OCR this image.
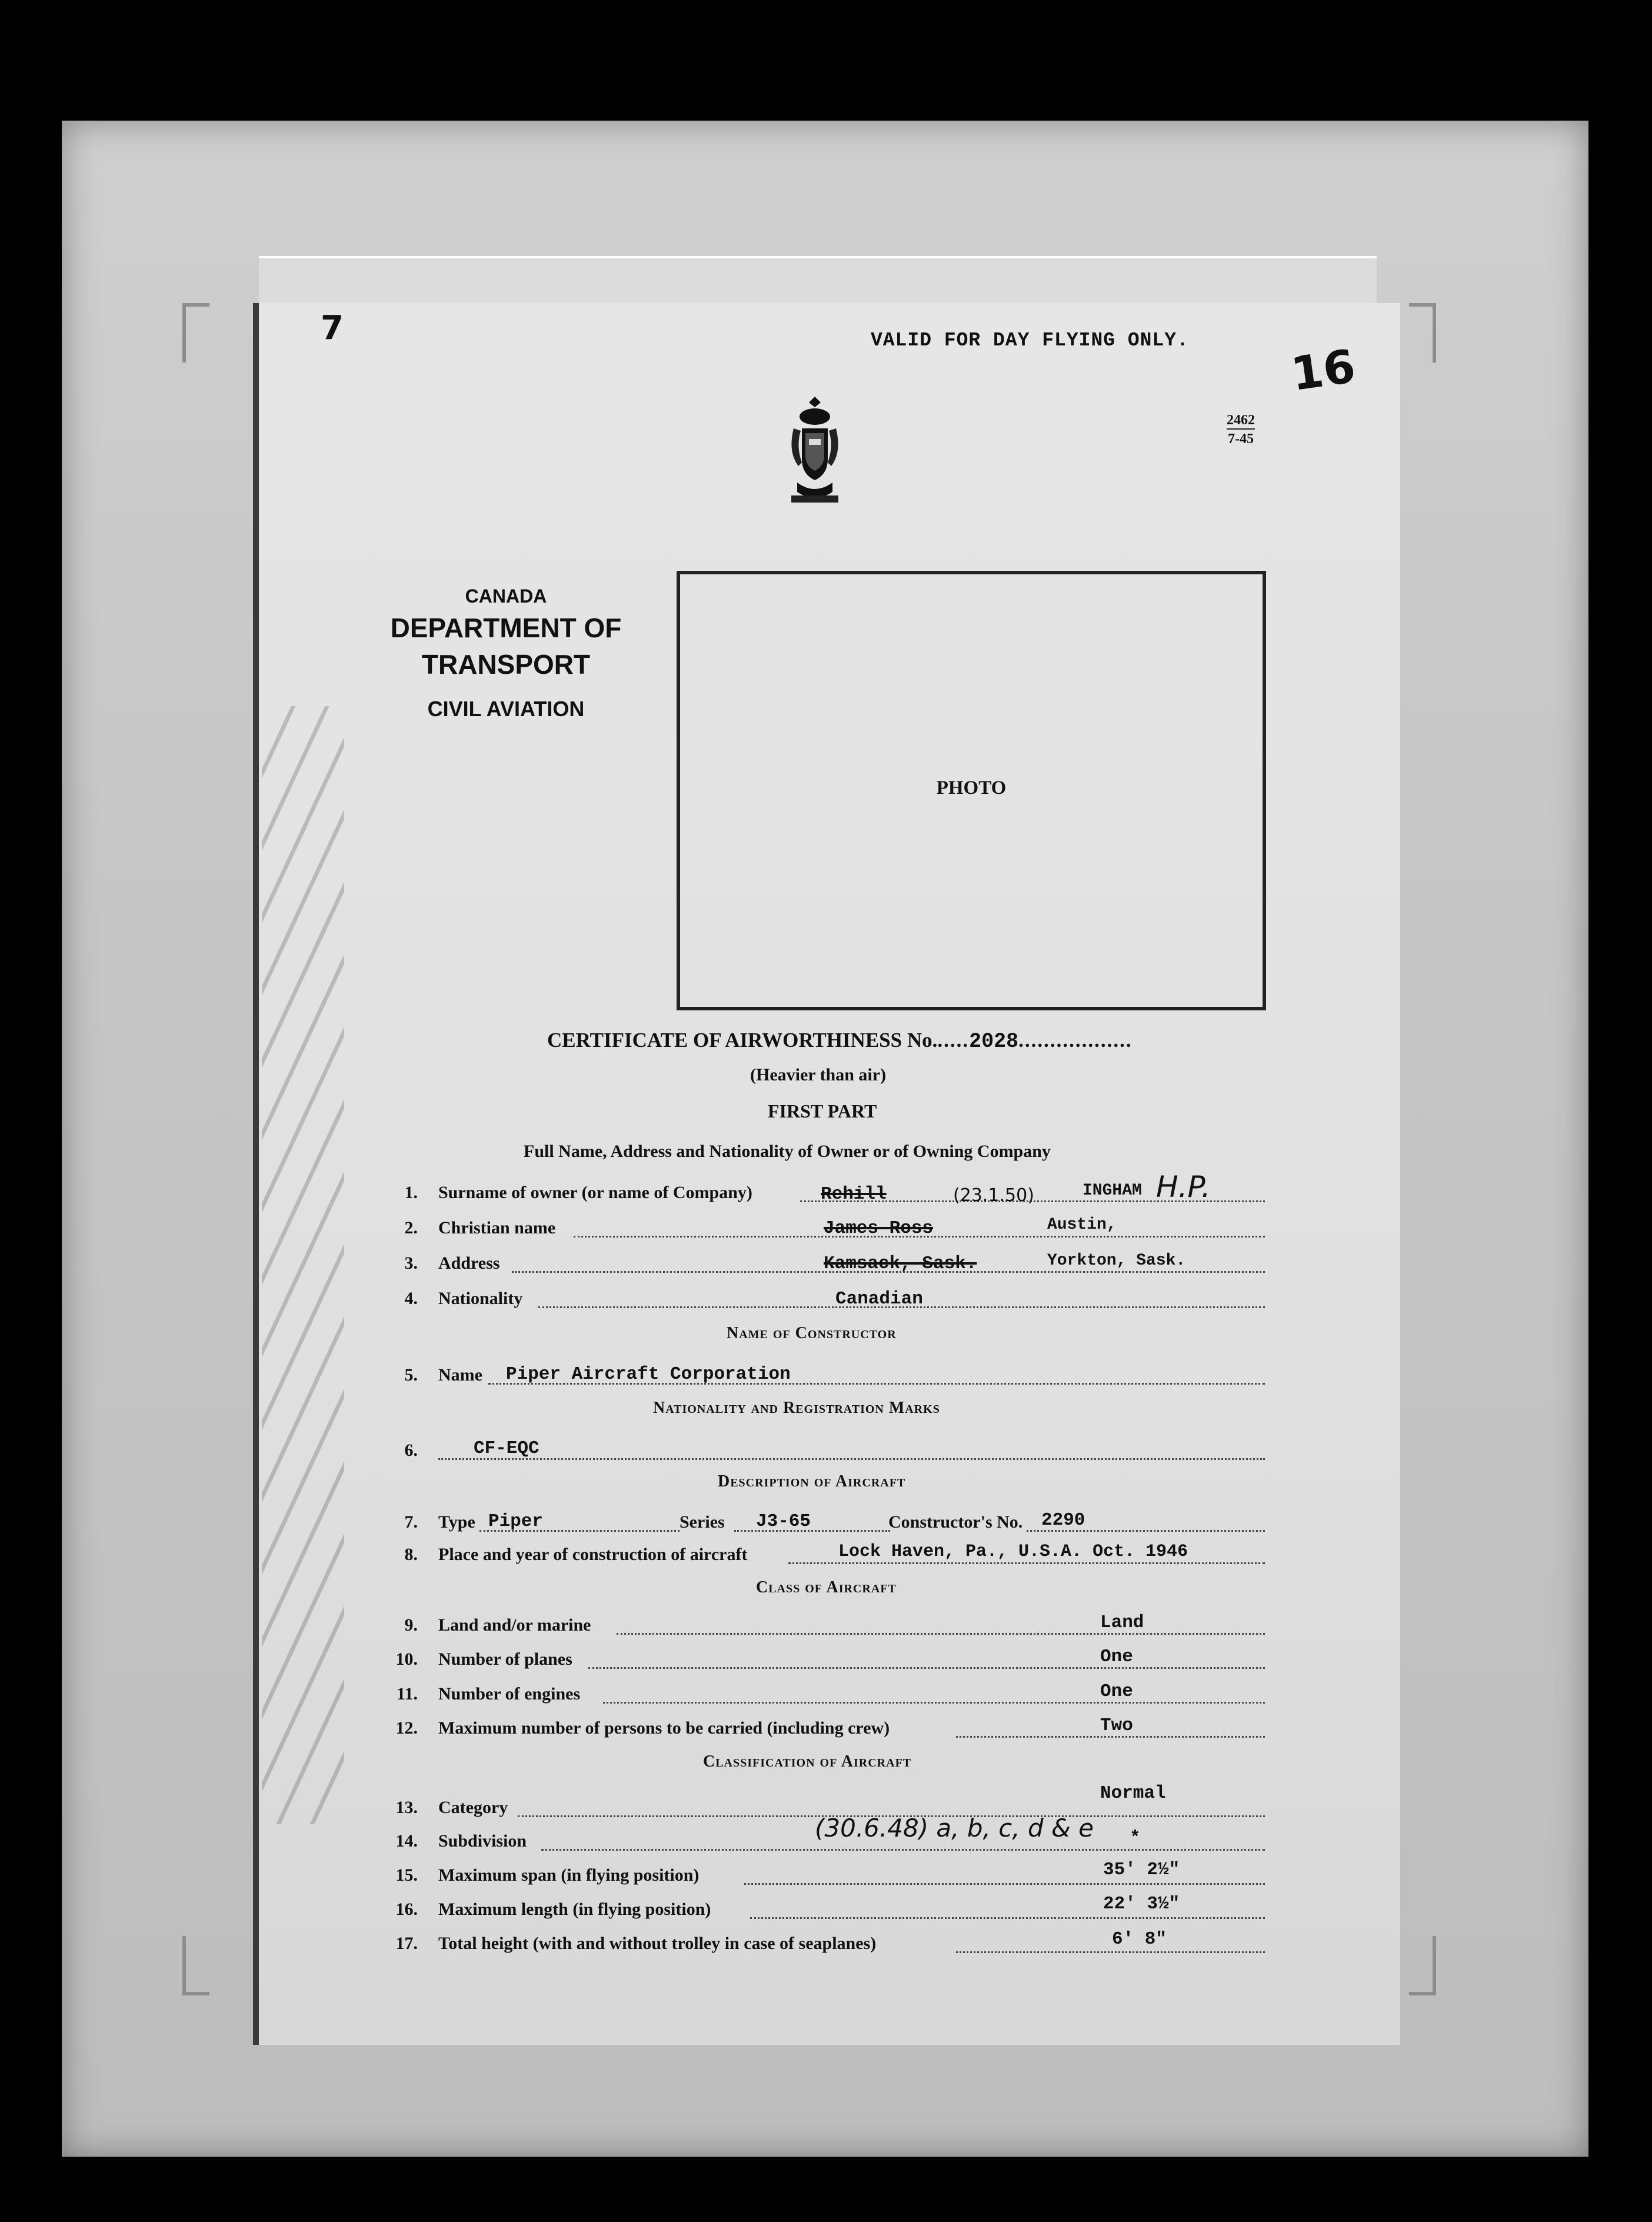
VALID FOR DAY FLYING ONLY. 16
7
2462
7-45
CANADA
DEPARTMENT OF
TRANSPORT
CIVIL AVIATION
PHOTO
CERTIFICATE OF AIRWORTHINESS No......2028..................
(Heavier than air)
FIRST PART
Full Name, Address and Nationality of Owner or of Owning Company
1. Surname of owner (or name of Company)	Rehill	(23.1.50)	INGHAM H.P.
2. Christian name	James Ross	Austin,
3. Address	Kamsack, Sask.	Yorkton, Sask.
4. Nationality	Canadian
Name of Constructor
5. Name Piper Aircraft Corporation
Nationality and Registration Marks
6.	CF-EQC
Description of Aircraft
7. Type Piper	Series J3-65	Constructor's No. 2290
8. Place and year of construction of aircraft	Lock Haven, Pa., U.S.A. Oct. 1946
Class of Aircraft
9. Land and/or marine	Land
10. Number of planes	One
11. Number of engines	One
12. Maximum number of persons to be carried (including crew)	Two
Classification of Aircraft
13. Category
Normal
14. Subdivision	(30.6.48) a, b, c, d & e *
15. Maximum span (in flying position)	35' 2½"
16. Maximum length (in flying position)	22' 3½"
17. Total height (with and without trolley in case of seaplanes)	6' 8"
